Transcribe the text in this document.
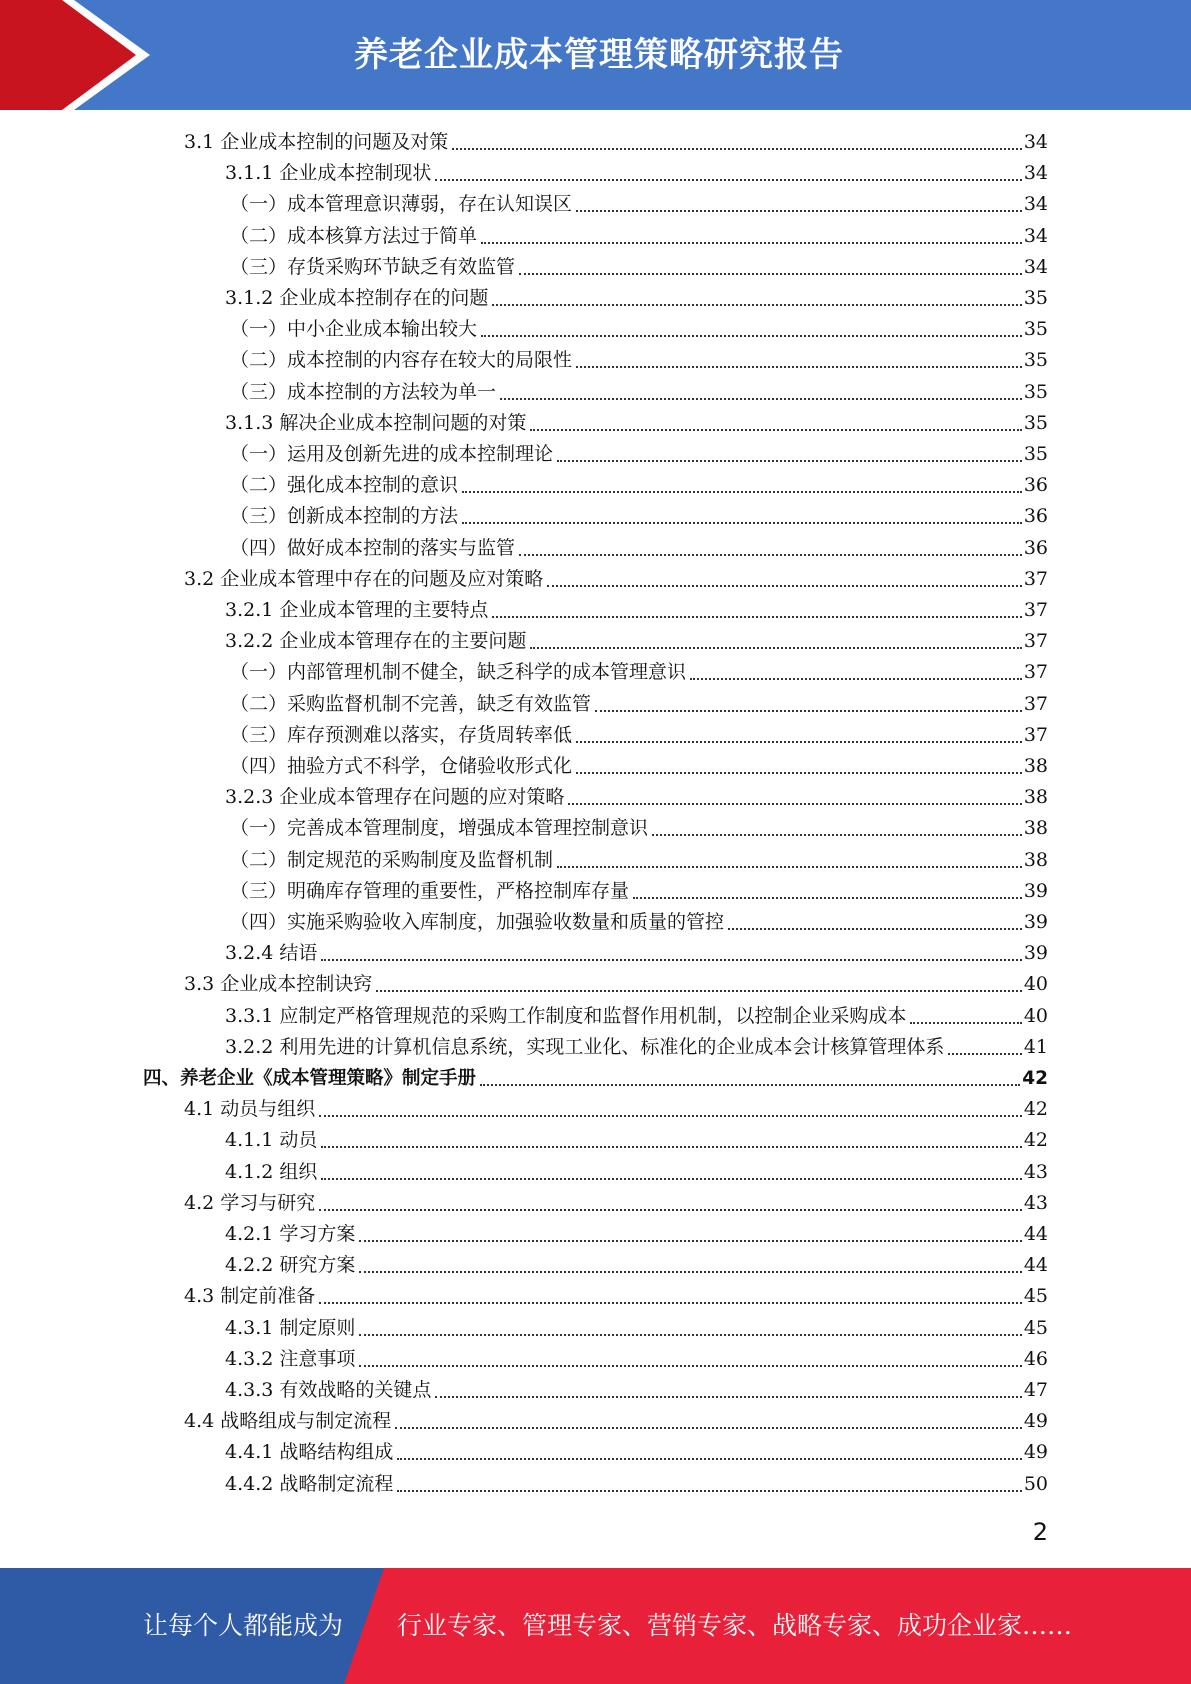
养老企业成本管理策略研究报告
3.1 企业成本控制的问题及对策	34
3.1.1 企业成本控制现状	34
（一）成本管理意识薄弱，存在认知误区	34
（二）成本核算方法过于简单	34
（三）存货采购环节缺乏有效监管	34
3.1.2 企业成本控制存在的问题	35
（一）中小企业成本输出较大	35
（二）成本控制的内容存在较大的局限性	35
（三）成本控制的方法较为单一	35
3.1.3 解决企业成本控制问题的对策	35
（一）运用及创新先进的成本控制理论	35
（二）强化成本控制的意识	36
（三）创新成本控制的方法	36
（四）做好成本控制的落实与监管	36
3.2 企业成本管理中存在的问题及应对策略	37
3.2.1 企业成本管理的主要特点	37
3.2.2 企业成本管理存在的主要问题	37
（一）内部管理机制不健全，缺乏科学的成本管理意识	37
（二）采购监督机制不完善，缺乏有效监管	37
（三）库存预测难以落实，存货周转率低	37
（四）抽验方式不科学，仓储验收形式化	38
3.2.3 企业成本管理存在问题的应对策略	38
（一）完善成本管理制度，增强成本管理控制意识	38
（二）制定规范的采购制度及监督机制	38
（三）明确库存管理的重要性，严格控制库存量	39
（四）实施采购验收入库制度，加强验收数量和质量的管控	39
3.2.4 结语	39
3.3 企业成本控制诀窍	40
3.3.1 应制定严格管理规范的采购工作制度和监督作用机制，以控制企业采购成本	40
3.2.2 利用先进的计算机信息系统，实现工业化、标准化的企业成本会计核算管理体系	41
四、养老企业《成本管理策略》制定手册	42
4.1 动员与组织	42
4.1.1 动员	42
4.1.2 组织	43
4.2 学习与研究	43
4.2.1 学习方案	44
4.2.2 研究方案	44
4.3 制定前准备	45
4.3.1 制定原则	45
4.3.2 注意事项	46
4.3.3 有效战略的关键点	47
4.4 战略组成与制定流程	49
4.4.1 战略结构组成	49
4.4.2 战略制定流程	50
2
让每个人都能成为 行业专家、管理专家、营销专家、战略专家、成功企业家……
